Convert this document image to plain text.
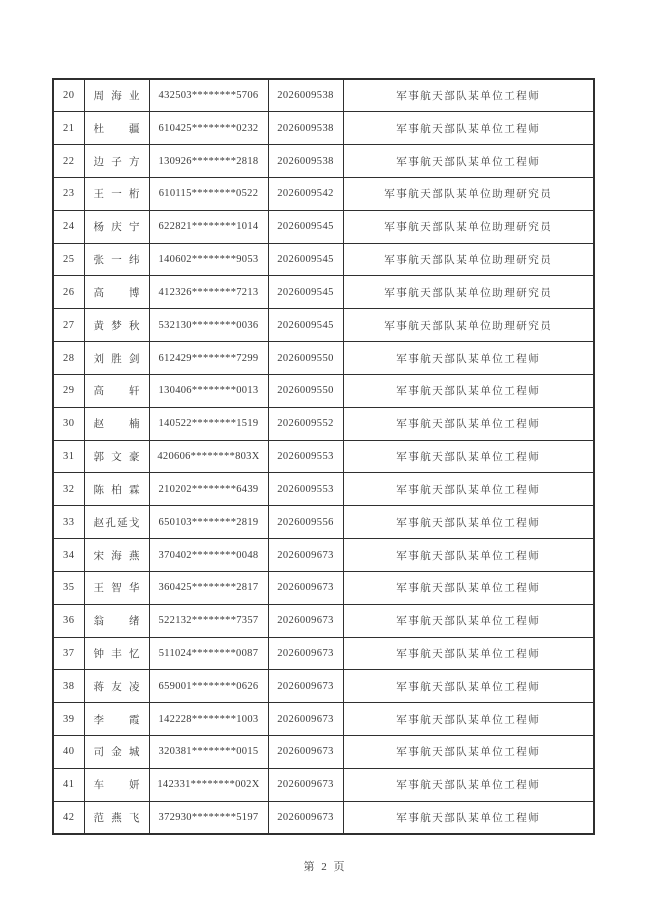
20	周海业	432503********5706	2026009538	军事航天部队某单位工程师
21	杜疆	610425********0232	2026009538	军事航天部队某单位工程师
22	边子方	130926********2818	2026009538	军事航天部队某单位工程师
23	王一桁	610115********0522	2026009542	军事航天部队某单位助理研究员
24	杨庆宁	622821********1014	2026009545	军事航天部队某单位助理研究员
25	张一纬	140602********9053	2026009545	军事航天部队某单位助理研究员
26	高博	412326********7213	2026009545	军事航天部队某单位助理研究员
27	黄梦秋	532130********0036	2026009545	军事航天部队某单位助理研究员
28	刘胜剑	612429********7299	2026009550	军事航天部队某单位工程师
29	高轩	130406********0013	2026009550	军事航天部队某单位工程师
30	赵楠	140522********1519	2026009552	军事航天部队某单位工程师
31	郭文豪	420606********803X	2026009553	军事航天部队某单位工程师
32	陈柏霖	210202********6439	2026009553	军事航天部队某单位工程师
33	赵孔延戈	650103********2819	2026009556	军事航天部队某单位工程师
34	宋海燕	370402********0048	2026009673	军事航天部队某单位工程师
35	王智华	360425********2817	2026009673	军事航天部队某单位工程师
36	翁绪	522132********7357	2026009673	军事航天部队某单位工程师
37	钟丰忆	511024********0087	2026009673	军事航天部队某单位工程师
38	蒋友凌	659001********0626	2026009673	军事航天部队某单位工程师
39	李霞	142228********1003	2026009673	军事航天部队某单位工程师
40	司金城	320381********0015	2026009673	军事航天部队某单位工程师
41	车妍	142331********002X	2026009673	军事航天部队某单位工程师
42	范燕飞	372930********5197	2026009673	军事航天部队某单位工程师
第 2 页
